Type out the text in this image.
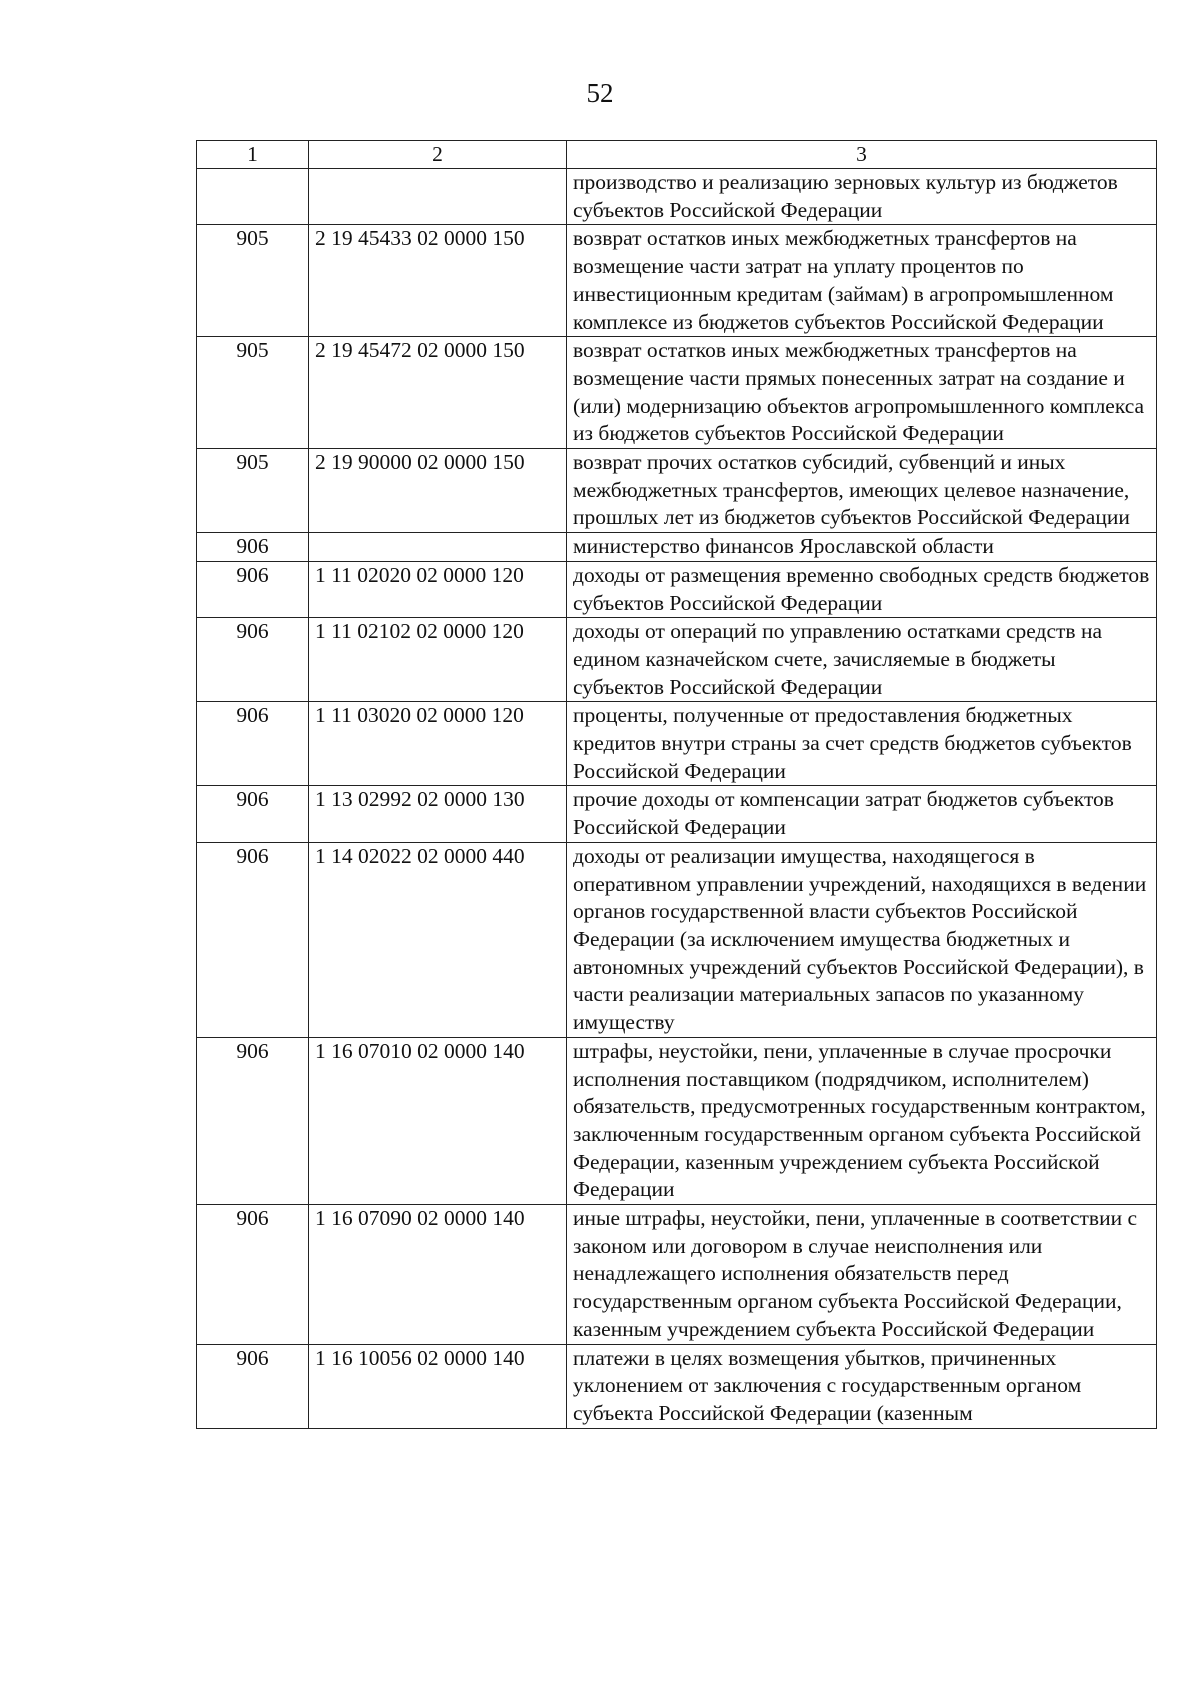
52
1	2	3
		производство и реализацию зерновых культур из бюджетов субъектов Российской Федерации
905	2 19 45433 02 0000 150	возврат остатков иных межбюджетных трансфертов на возмещение части затрат на уплату процентов по инвестиционным кредитам (займам) в агропромышленном комплексе из бюджетов субъектов Российской Федерации
905	2 19 45472 02 0000 150	возврат остатков иных межбюджетных трансфертов на возмещение части прямых понесенных затрат на создание и (или) модернизацию объектов агропромышленного комплекса из бюджетов субъектов Российской Федерации
905	2 19 90000 02 0000 150	возврат прочих остатков субсидий, субвенций и иных межбюджетных трансфертов, имеющих целевое назначение, прошлых лет из бюджетов субъектов Российской Федерации
906		министерство финансов Ярославской области
906	1 11 02020 02 0000 120	доходы от размещения временно свободных средств бюджетов субъектов Российской Федерации
906	1 11 02102 02 0000 120	доходы от операций по управлению остатками средств на едином казначейском счете, зачисляемые в бюджеты субъектов Российской Федерации
906	1 11 03020 02 0000 120	проценты, полученные от предоставления бюджетных кредитов внутри страны за счет средств бюджетов субъектов Российской Федерации
906	1 13 02992 02 0000 130	прочие доходы от компенсации затрат бюджетов субъектов Российской Федерации
906	1 14 02022 02 0000 440	доходы от реализации имущества, находящегося в оперативном управлении учреждений, находящихся в ведении органов государственной власти субъектов Российской Федерации (за исключением имущества бюджетных и автономных учреждений субъектов Российской Федерации), в части реализации материальных запасов по указанному имуществу
906	1 16 07010 02 0000 140	штрафы, неустойки, пени, уплаченные в случае просрочки исполнения поставщиком (подрядчиком, исполнителем) обязательств, предусмотренных государственным контрактом, заключенным государственным органом субъекта Российской Федерации, казенным учреждением субъекта Российской Федерации
906	1 16 07090 02 0000 140	иные штрафы, неустойки, пени, уплаченные в соответствии с законом или договором в случае неисполнения или ненадлежащего исполнения обязательств перед государственным органом субъекта Российской Федерации, казенным учреждением субъекта Российской Федерации
906	1 16 10056 02 0000 140	платежи в целях возмещения убытков, причиненных уклонением от заключения с государственным органом субъекта Российской Федерации (казенным
